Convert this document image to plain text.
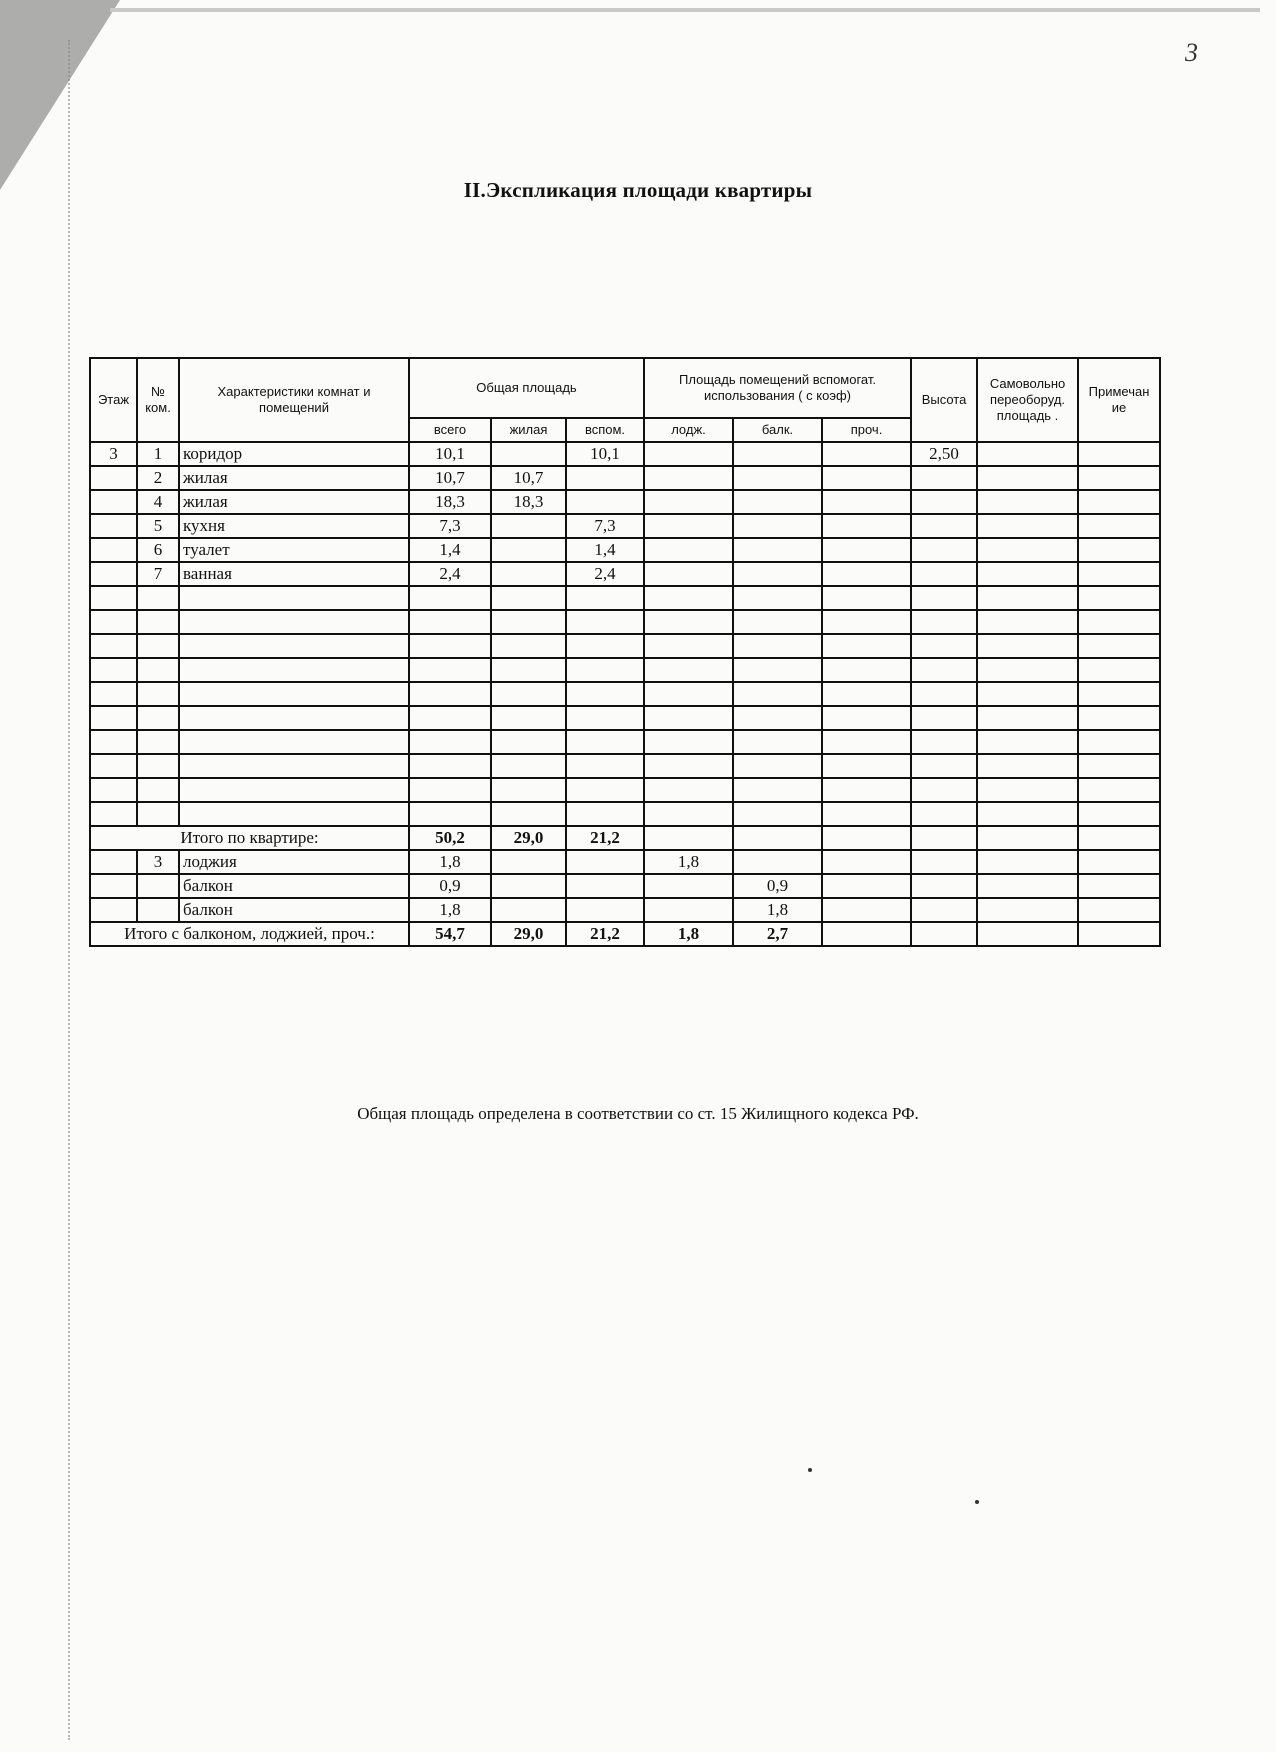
3
II.Экспликация площади квартиры
Этаж	№ ком.	Характеристики комнат и помещений	Общая площадь			Площадь помещений вспомогат. использования ( с коэф)			Высота	Самовольно переоборуд. площадь .	Примечан ие
			всего	жилая	вспом.	лодж.	балк.	проч.			
3	1	коридор	10,1		10,1				2,50		
	2	жилая	10,7	10,7							
	4	жилая	18,3	18,3							
	5	кухня	7,3		7,3						
	6	туалет	1,4		1,4						
	7	ванная	2,4		2,4						

Итого по квартире:			50,2	29,0	21,2						
	3	лоджия	1,8			1,8					
		балкон	0,9				0,9				
		балкон	1,8				1,8				
Итого с балконом, лоджией, проч.:			54,7	29,0	21,2	1,8	2,7				
Общая площадь определена в соответствии со ст. 15 Жилищного кодекса РФ.
